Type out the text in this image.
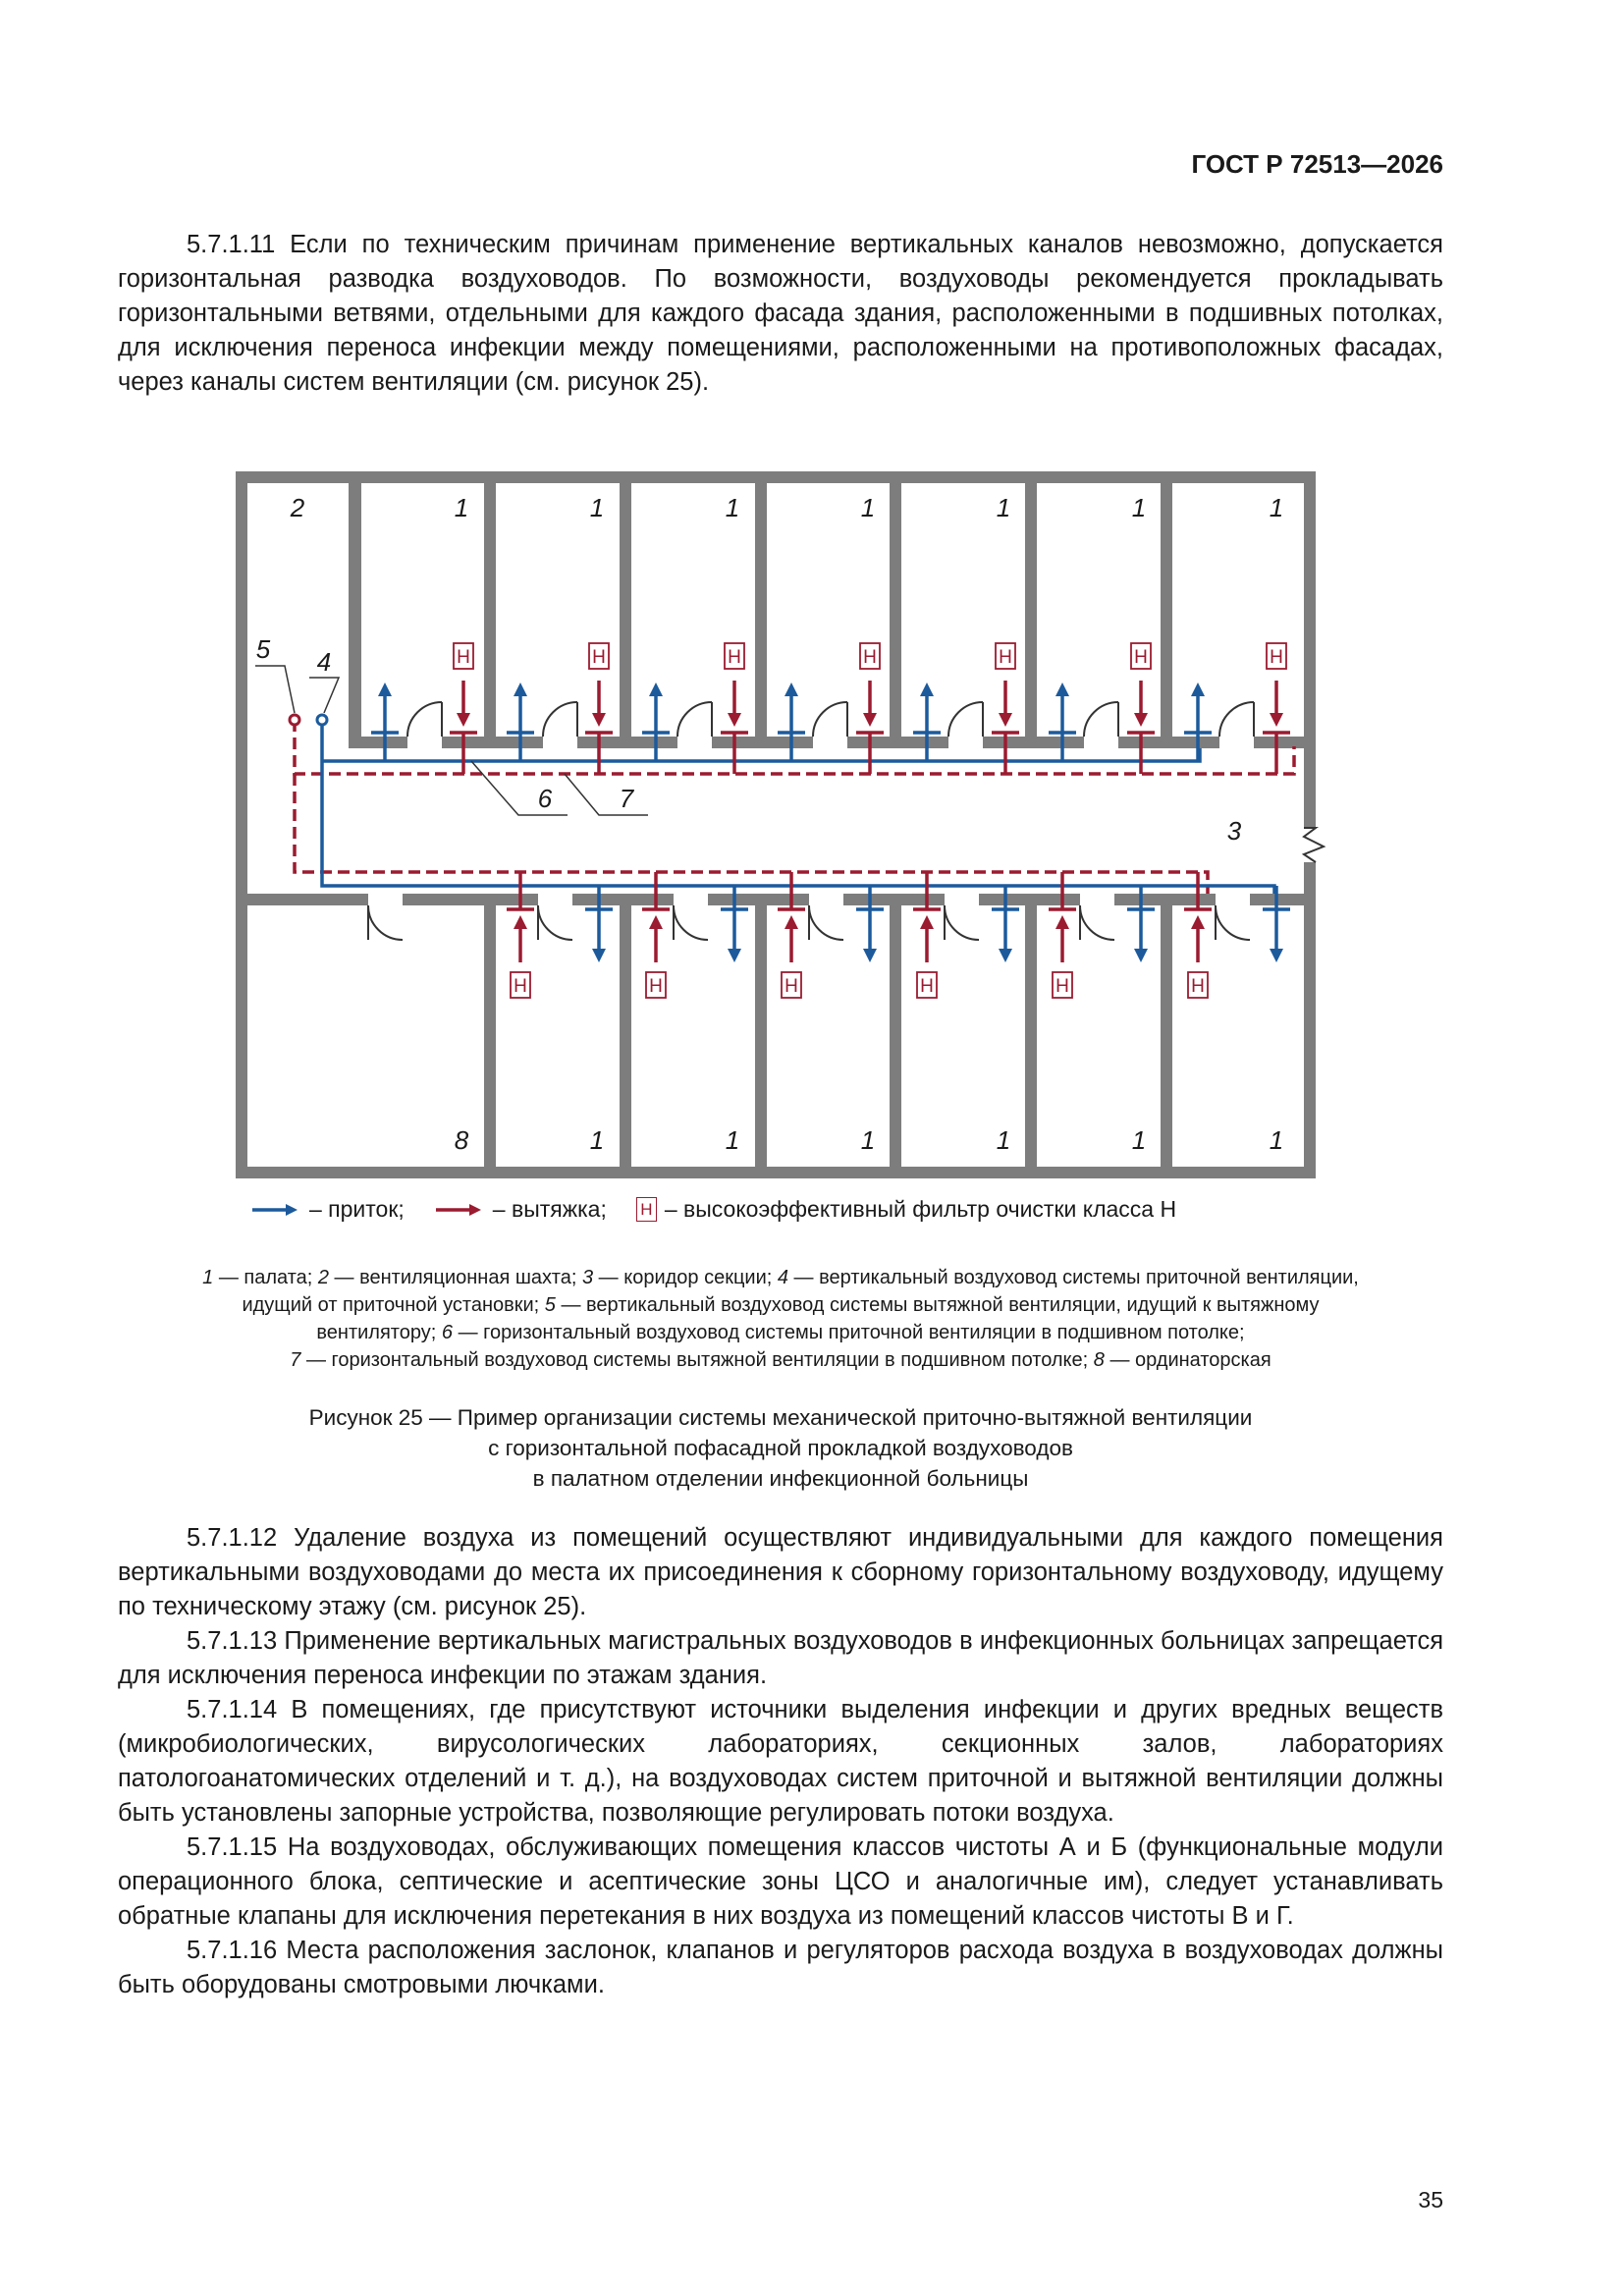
ГОСТ Р 72513—2026

5.7.1.11 Если по техническим причинам применение вертикальных каналов невозможно, допускается горизонтальная разводка воздуховодов. По возможности, воздуховоды рекомендуется прокладывать горизонтальными ветвями, отдельными для каждого фасада здания, расположенными в подшивных потолках, для исключения переноса инфекции между помещениями, расположенными на противоположных фасадах, через каналы систем вентиляции (см. рисунок 25).

Н	Н	Н	Н	Н	Н	Н
Н	Н	Н	Н	Н	Н
2	1	1	1	1	1	1	1
8	1	1	1	1	1	1
3
5 4
6	7
– приток;	– вытяжка; Н – высокоэффективный фильтр очистки класса Н

1 — палата; 2 — вентиляционная шахта; 3 — коридор секции; 4 — вертикальный воздуховод системы приточной вентиляции,

идущий от приточной установки; 5 — вертикальный воздуховод системы вытяжной вентиляции, идущий к вытяжному

вентилятору; 6 — горизонтальный воздуховод системы приточной вентиляции в подшивном потолке;

7 — горизонтальный воздуховод системы вытяжной вентиляции в подшивном потолке; 8 — ординаторская

Рисунок 25 — Пример организации системы механической приточно-вытяжной вентиляции

с горизонтальной пофасадной прокладкой воздуховодов

в палатном отделении инфекционной больницы

5.7.1.12 Удаление воздуха из помещений осуществляют индивидуальными для каждого помещения вертикальными воздуховодами до места их присоединения к сборному горизонтальному воздуховоду, идущему по техническому этажу (см. рисунок 25).

5.7.1.13 Применение вертикальных магистральных воздуховодов в инфекционных больницах запрещается для исключения переноса инфекции по этажам здания.

5.7.1.14 В помещениях, где присутствуют источники выделения инфекции и других вредных веществ (микробиологических, вирусологических лабораториях, секционных залов, лабораториях патологоанатомических отделений и т. д.), на воздуховодах систем приточной и вытяжной вентиляции должны быть установлены запорные устройства, позволяющие регулировать потоки воздуха.

5.7.1.15 На воздуховодах, обслуживающих помещения классов чистоты А и Б (функциональные модули операционного блока, септические и асептические зоны ЦСО и аналогичные им), следует устанавливать обратные клапаны для исключения перетекания в них воздуха из помещений классов чистоты В и Г.

5.7.1.16 Места расположения заслонок, клапанов и регуляторов расхода воздуха в воздуховодах должны быть оборудованы смотровыми лючками.

35
